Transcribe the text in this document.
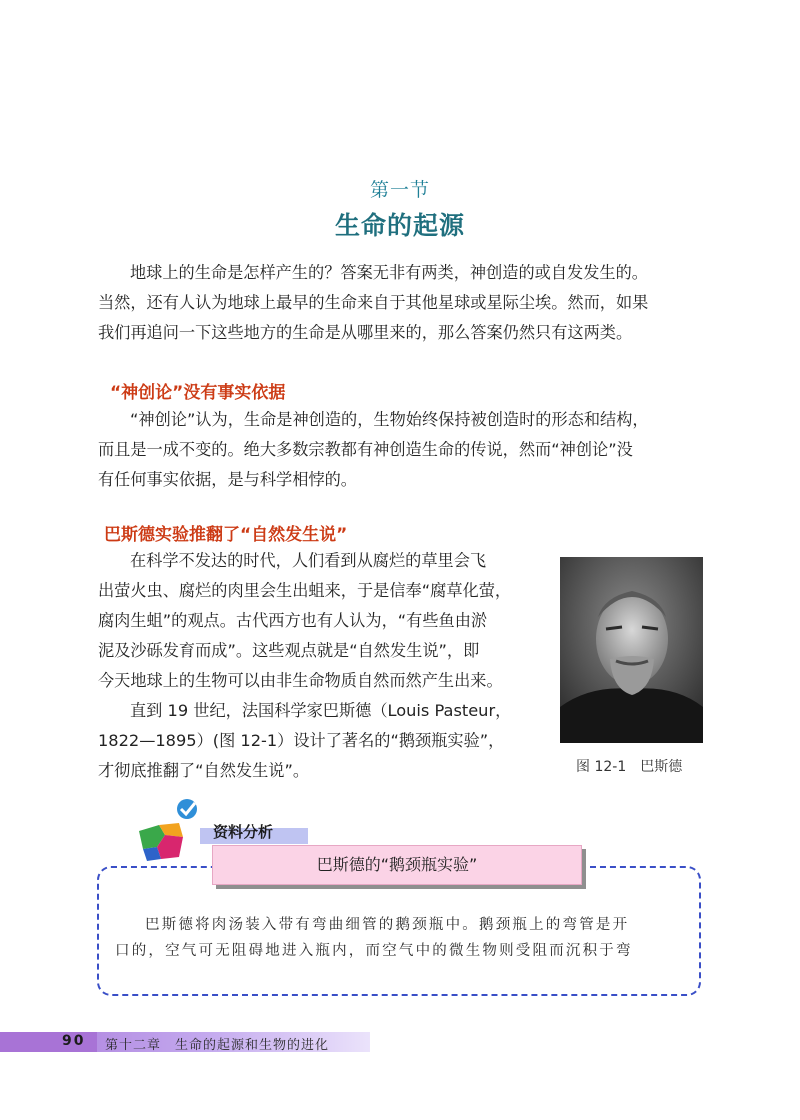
第一节
生命的起源
地球上的生命是怎样产生的？答案无非有两类，神创造的或自发发生的。
当然，还有人认为地球上最早的生命来自于其他星球或星际尘埃。然而，如果
我们再追问一下这些地方的生命是从哪里来的，那么答案仍然只有这两类。
“神创论”没有事实依据
“神创论”认为，生命是神创造的，生物始终保持被创造时的形态和结构，
而且是一成不变的。绝大多数宗教都有神创造生命的传说，然而“神创论”没
有任何事实依据，是与科学相悖的。
巴斯德实验推翻了“自然发生说”
在科学不发达的时代，人们看到从腐烂的草里会飞
出萤火虫、腐烂的肉里会生出蛆来，于是信奉“腐草化萤，
腐肉生蛆”的观点。古代西方也有人认为，“有些鱼由淤
泥及沙砾发育而成”。这些观点就是“自然发生说”，即
今天地球上的生物可以由非生命物质自然而然产生出来。
直到 19 世纪，法国科学家巴斯德（Louis Pasteur，
1822—1895）(图 12-1）设计了著名的“鹅颈瓶实验”，
才彻底推翻了“自然发生说”。	图 12-1　巴斯德
资料分析
巴斯德的“鹅颈瓶实验”
巴斯德将肉汤装入带有弯曲细管的鹅颈瓶中。鹅颈瓶上的弯管是开
口的，空气可无阻碍地进入瓶内，而空气中的微生物则受阻而沉积于弯
90 第十二章　生命的起源和生物的进化
